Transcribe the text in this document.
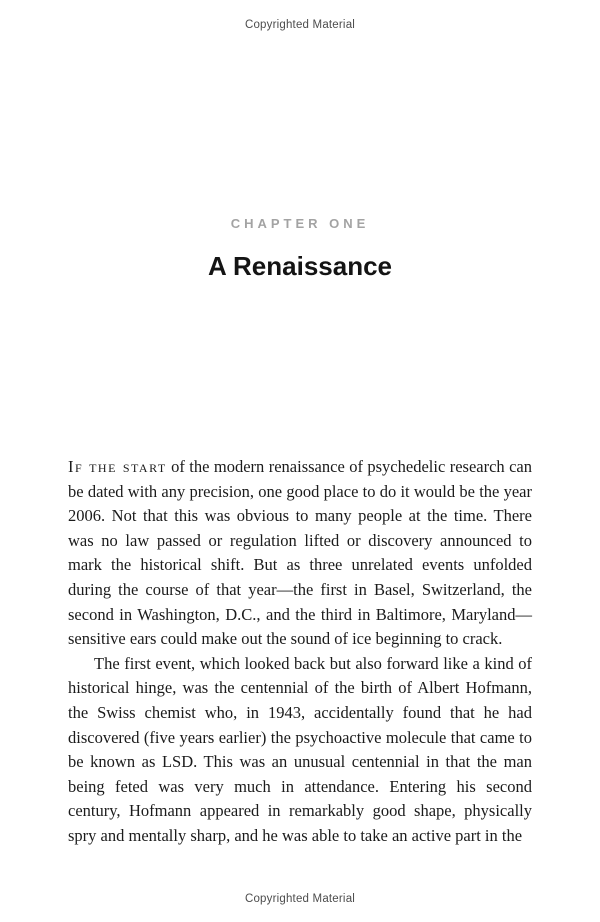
Copyrighted Material
CHAPTER ONE
A Renaissance

If the start of the modern renaissance of psychedelic research can be dated with any precision, one good place to do it would be the year 2006. Not that this was obvious to many people at the time. There was no law passed or regulation lifted or discovery announced to mark the historical shift. But as three unrelated events unfolded during the course of that year—the first in Basel, Switzerland, the second in Washington, D.C., and the third in Baltimore, Maryland—sensitive ears could make out the sound of ice beginning to crack.

The first event, which looked back but also forward like a kind of historical hinge, was the centennial of the birth of Albert Hofmann, the Swiss chemist who, in 1943, accidentally found that he had discovered (five years earlier) the psychoactive molecule that came to be known as LSD. This was an unusual centennial in that the man being feted was very much in attendance. Entering his second century, Hofmann appeared in remarkably good shape, physically spry and mentally sharp, and he was able to take an active part in the

Copyrighted Material
